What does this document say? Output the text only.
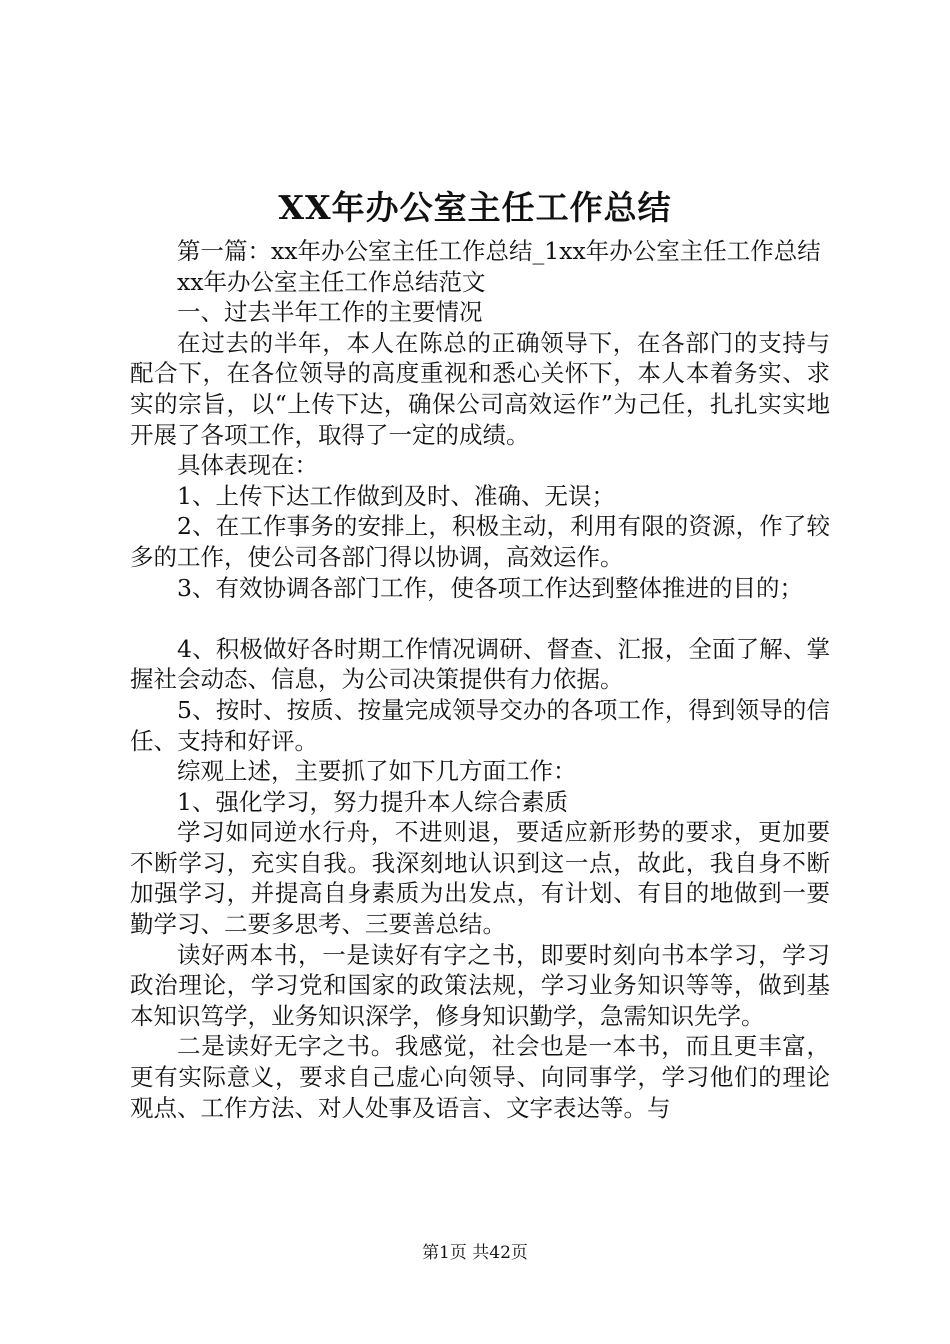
XX年办公室主任工作总结

第一篇：xx年办公室主任工作总结_1xx年办公室主任工作总结

xx年办公室主任工作总结范文

一、过去半年工作的主要情况

在过去的半年，本人在陈总的正确领导下，在各部门的支持与配合下，在各位领导的高度重视和悉心关怀下，本人本着务实、求实的宗旨，以“上传下达，确保公司高效运作”为己任，扎扎实实地开展了各项工作，取得了一定的成绩。

具体表现在：

1、上传下达工作做到及时、准确、无误；

2、在工作事务的安排上，积极主动，利用有限的资源，作了较多的工作，使公司各部门得以协调，高效运作。

3、有效协调各部门工作，使各项工作达到整体推进的目的；

4、积极做好各时期工作情况调研、督查、汇报，全面了解、掌握社会动态、信息，为公司决策提供有力依据。

5、按时、按质、按量完成领导交办的各项工作，得到领导的信任、支持和好评。

综观上述，主要抓了如下几方面工作：

1、强化学习，努力提升本人综合素质

学习如同逆水行舟，不进则退，要适应新形势的要求，更加要不断学习，充实自我。我深刻地认识到这一点，故此，我自身不断加强学习，并提高自身素质为出发点，有计划、有目的地做到一要勤学习、二要多思考、三要善总结。

读好两本书，一是读好有字之书，即要时刻向书本学习，学习政治理论，学习党和国家的政策法规，学习业务知识等等，做到基本知识笃学，业务知识深学，修身知识勤学，急需知识先学。

二是读好无字之书。我感觉，社会也是一本书，而且更丰富，更有实际意义，要求自己虚心向领导、向同事学，学习他们的理论观点、工作方法、对人处事及语言、文字表达等。与

第1页 共42页
